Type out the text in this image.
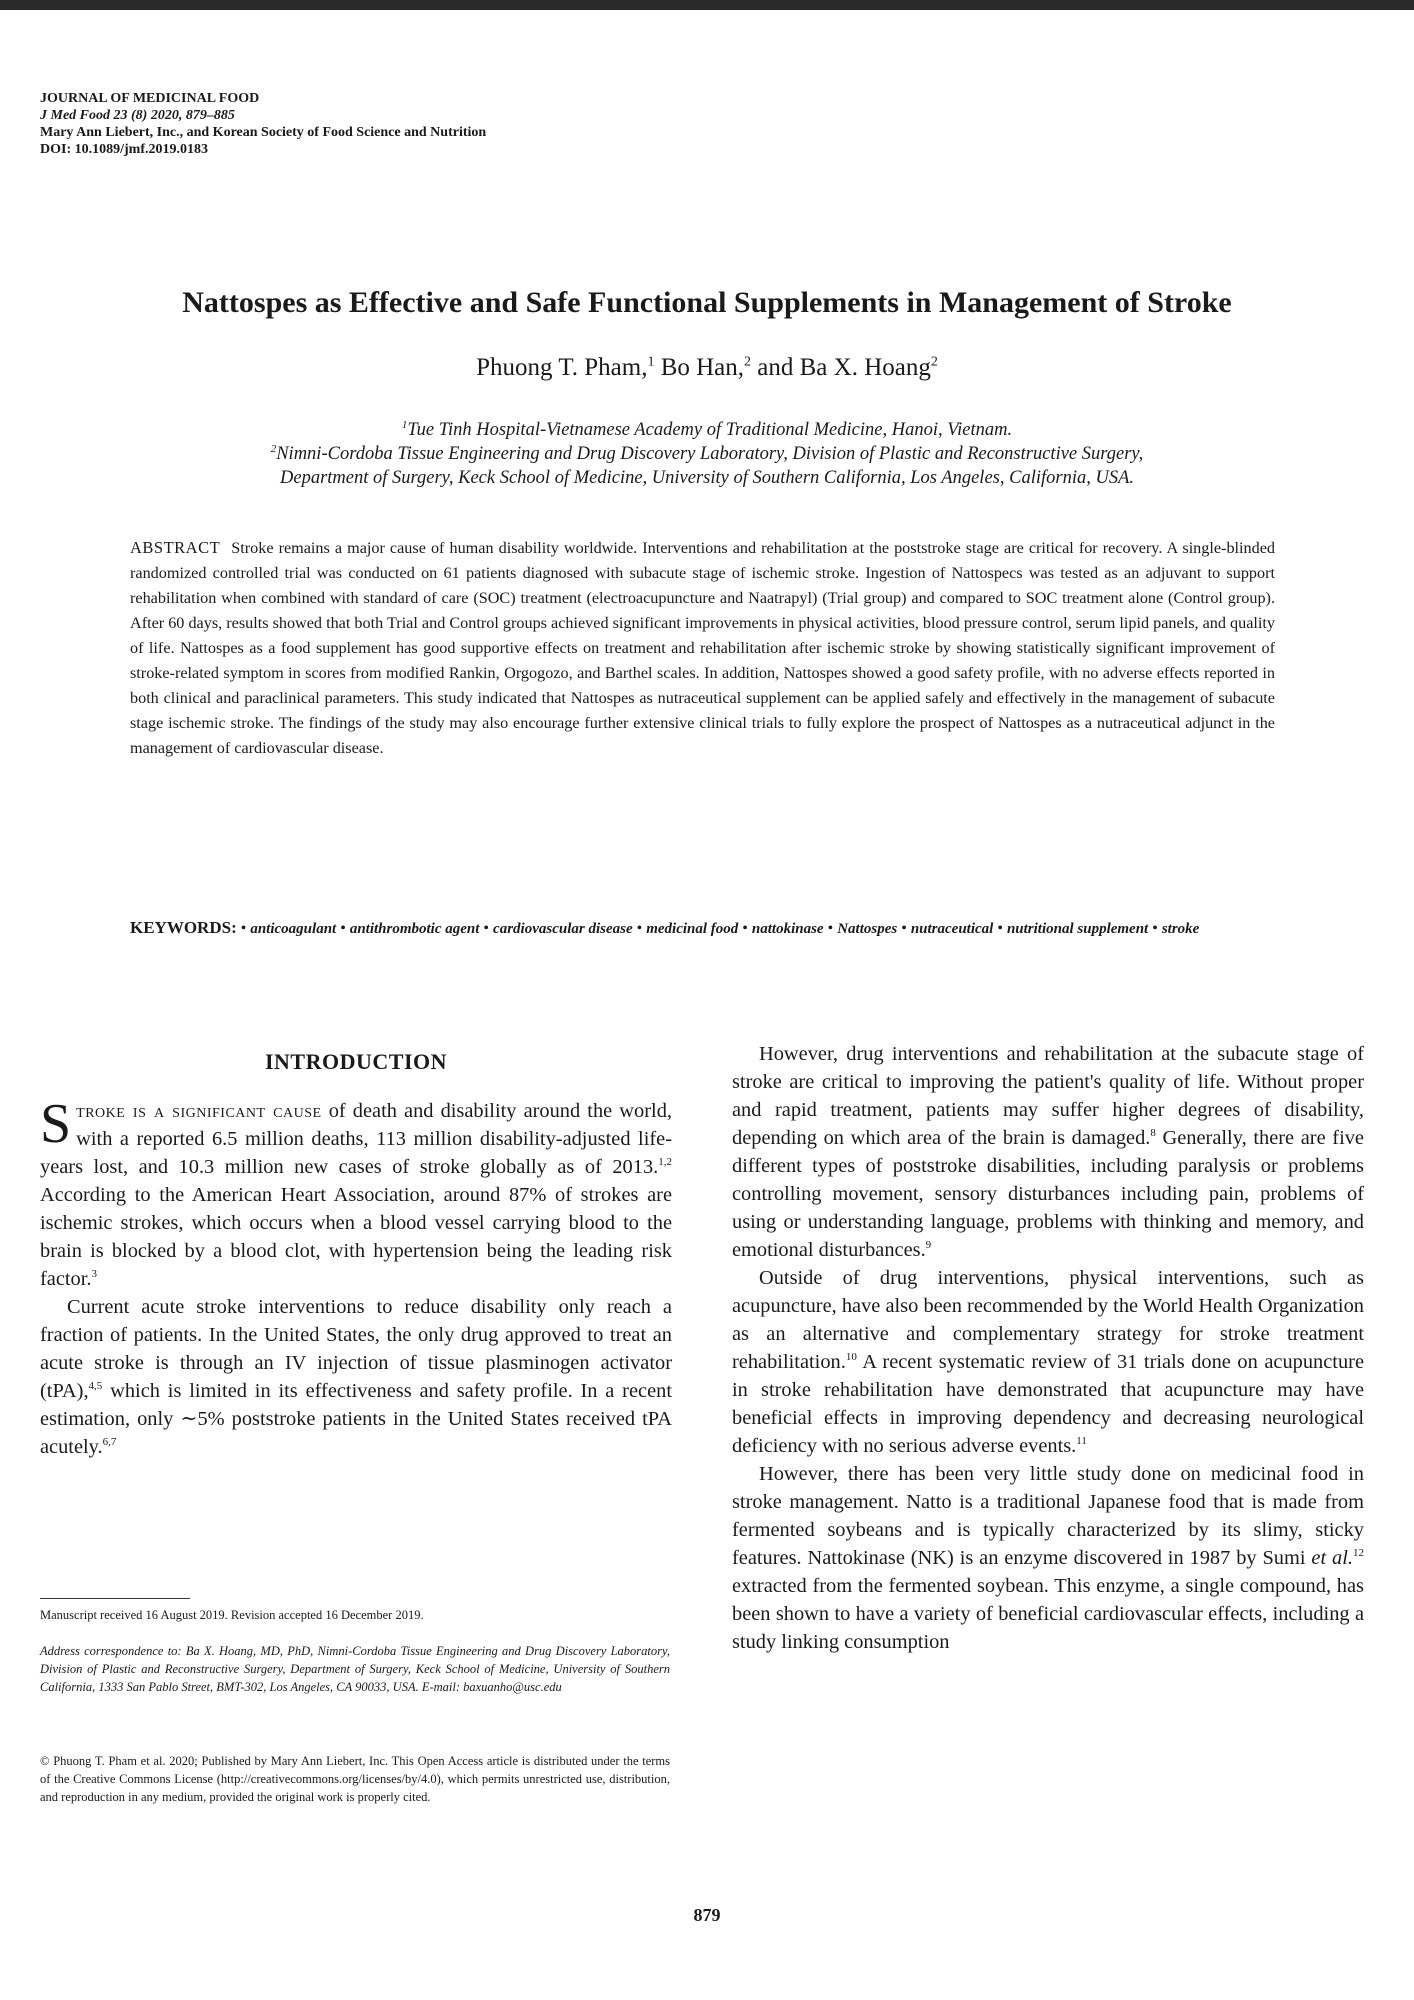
JOURNAL OF MEDICINAL FOOD
J Med Food 23 (8) 2020, 879–885
Mary Ann Liebert, Inc., and Korean Society of Food Science and Nutrition
DOI: 10.1089/jmf.2019.0183
Nattospes as Effective and Safe Functional Supplements in Management of Stroke
Phuong T. Pham,$^1$ Bo Han,$^2$ and Ba X. Hoang$^2$
$^1$Tue Tinh Hospital-Vietnamese Academy of Traditional Medicine, Hanoi, Vietnam.
$^2$Nimni-Cordoba Tissue Engineering and Drug Discovery Laboratory, Division of Plastic and Reconstructive Surgery,
Department of Surgery, Keck School of Medicine, University of Southern California, Los Angeles, California, USA.
ABSTRACT Stroke remains a major cause of human disability worldwide. Interventions and rehabilitation at the poststroke stage are critical for recovery. A single-blinded randomized controlled trial was conducted on 61 patients diagnosed with subacute stage of ischemic stroke. Ingestion of Nattospecs was tested as an adjuvant to support rehabilitation when combined with standard of care (SOC) treatment (electroacupuncture and Naatrapyl) (Trial group) and compared to SOC treatment alone (Control group). After 60 days, results showed that both Trial and Control groups achieved significant improvements in physical activities, blood pressure control, serum lipid panels, and quality of life. Nattospes as a food supplement has good supportive effects on treatment and rehabilitation after ischemic stroke by showing statistically significant improvement of stroke-related symptom in scores from modified Rankin, Orgogozo, and Barthel scales. In addition, Nattospes showed a good safety profile, with no adverse effects reported in both clinical and paraclinical parameters. This study indicated that Nattospes as nutraceutical supplement can be applied safely and effectively in the management of subacute stage ischemic stroke. The findings of the study may also encourage further extensive clinical trials to fully explore the prospect of Nattospes as a nutraceutical adjunct in the management of cardiovascular disease.
KEYWORDS: • anticoagulant • antithrombotic agent • cardiovascular disease • medicinal food • nattokinase • Nattospes • nutraceutical • nutritional supplement • stroke
INTRODUCTION

Stroke is a significant cause of death and disability around the world, with a reported 6.5 million deaths, 113 million disability-adjusted life-years lost, and 10.3 million new cases of stroke globally as of 2013.$^{1,2}$ According to the American Heart Association, around 87% of strokes are ischemic strokes, which occurs when a blood vessel carrying blood to the brain is blocked by a blood clot, with hypertension being the leading risk factor.$^3$

Current acute stroke interventions to reduce disability only reach a fraction of patients. In the United States, the only drug approved to treat an acute stroke is through an IV injection of tissue plasminogen activator (tPA),$^{4,5}$ which is limited in its effectiveness and safety profile. In a recent estimation, only ∼5% poststroke patients in the United States received tPA acutely.$^{6,7}$

However, drug interventions and rehabilitation at the subacute stage of stroke are critical to improving the patient's quality of life. Without proper and rapid treatment, patients may suffer higher degrees of disability, depending on which area of the brain is damaged.$^8$ Generally, there are five different types of poststroke disabilities, including paralysis or problems controlling movement, sensory disturbances including pain, problems of using or understanding language, problems with thinking and memory, and emotional disturbances.$^9$

Outside of drug interventions, physical interventions, such as acupuncture, have also been recommended by the World Health Organization as an alternative and complementary strategy for stroke treatment rehabilitation.$^{10}$ A recent systematic review of 31 trials done on acupuncture in stroke rehabilitation have demonstrated that acupuncture may have beneficial effects in improving dependency and decreasing neurological deficiency with no serious adverse events.$^{11}$

However, there has been very little study done on medicinal food in stroke management. Natto is a traditional Japanese food that is made from fermented soybeans and is typically characterized by its slimy, sticky features. Nattokinase (NK) is an enzyme discovered in 1987 by Sumi et al.$^{12}$ extracted from the fermented soybean. This enzyme, a single compound, has been shown to have a variety of beneficial cardiovascular effects, including a study linking consumption

Manuscript received 16 August 2019. Revision accepted 16 December 2019.
Address correspondence to: Ba X. Hoang, MD, PhD, Nimni-Cordoba Tissue Engineering and Drug Discovery Laboratory, Division of Plastic and Reconstructive Surgery, Department of Surgery, Keck School of Medicine, University of Southern California, 1333 San Pablo Street, BMT-302, Los Angeles, CA 90033, USA. E-mail: baxuanho@usc.edu
© Phuong T. Pham et al. 2020; Published by Mary Ann Liebert, Inc. This Open Access article is distributed under the terms of the Creative Commons License (http://creativecommons.org/licenses/by/4.0), which permits unrestricted use, distribution, and reproduction in any medium, provided the original work is properly cited.
879
